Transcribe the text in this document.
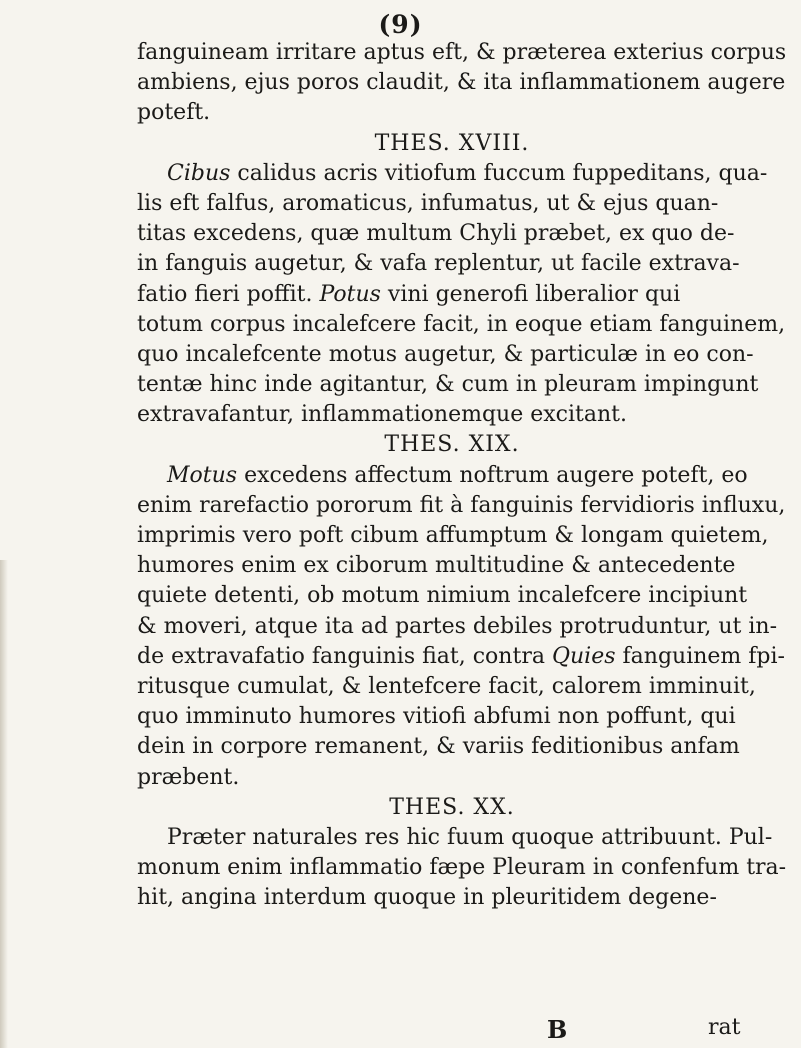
(9)
fanguineam irritare aptus eft, & prӕterea exterius corpus
ambiens, ejus poros claudit, & ita inflammationem augere
poteft.
THES. XVIII.
Cibus calidus acris vitiofum fuccum fuppeditans, qua-
lis eft falfus, aromaticus, infumatus, ut & ejus quan-
titas excedens, quӕ multum Chyli prӕbet, ex quo de-
in fanguis augetur, & vafa replentur, ut facile extrava-
fatio fieri poffit. Potus vini generofi liberalior qui
totum corpus incalefcere facit, in eoque etiam fanguinem,
quo incalefcente motus augetur, & particulӕ in eo con-
tentӕ hinc inde agitantur, & cum in pleuram impingunt
extravafantur, inflammationemque excitant.
THES. XIX.
Motus excedens affectum noftrum augere poteft, eo
enim rarefactio pororum fit à fanguinis fervidioris influxu,
imprimis vero poft cibum affumptum & longam quietem,
humores enim ex ciborum multitudine & antecedente
quiete detenti, ob motum nimium incalefcere incipiunt
& moveri, atque ita ad partes debiles protruduntur, ut in-
de extravafatio fanguinis fiat, contra Quies fanguinem fpi-
ritusque cumulat, & lentefcere facit, calorem imminuit,
quo imminuto humores vitiofi abfumi non poffunt, qui
dein in corpore remanent, & variis feditionibus anfam
prӕbent.
THES. XX.
Prӕter naturales res hic fuum quoque attribuunt. Pul-
monum enim inflammatio fӕpe Pleuram in confenfum tra-
hit, angina interdum quoque in pleuritidem degene-
B	rat
